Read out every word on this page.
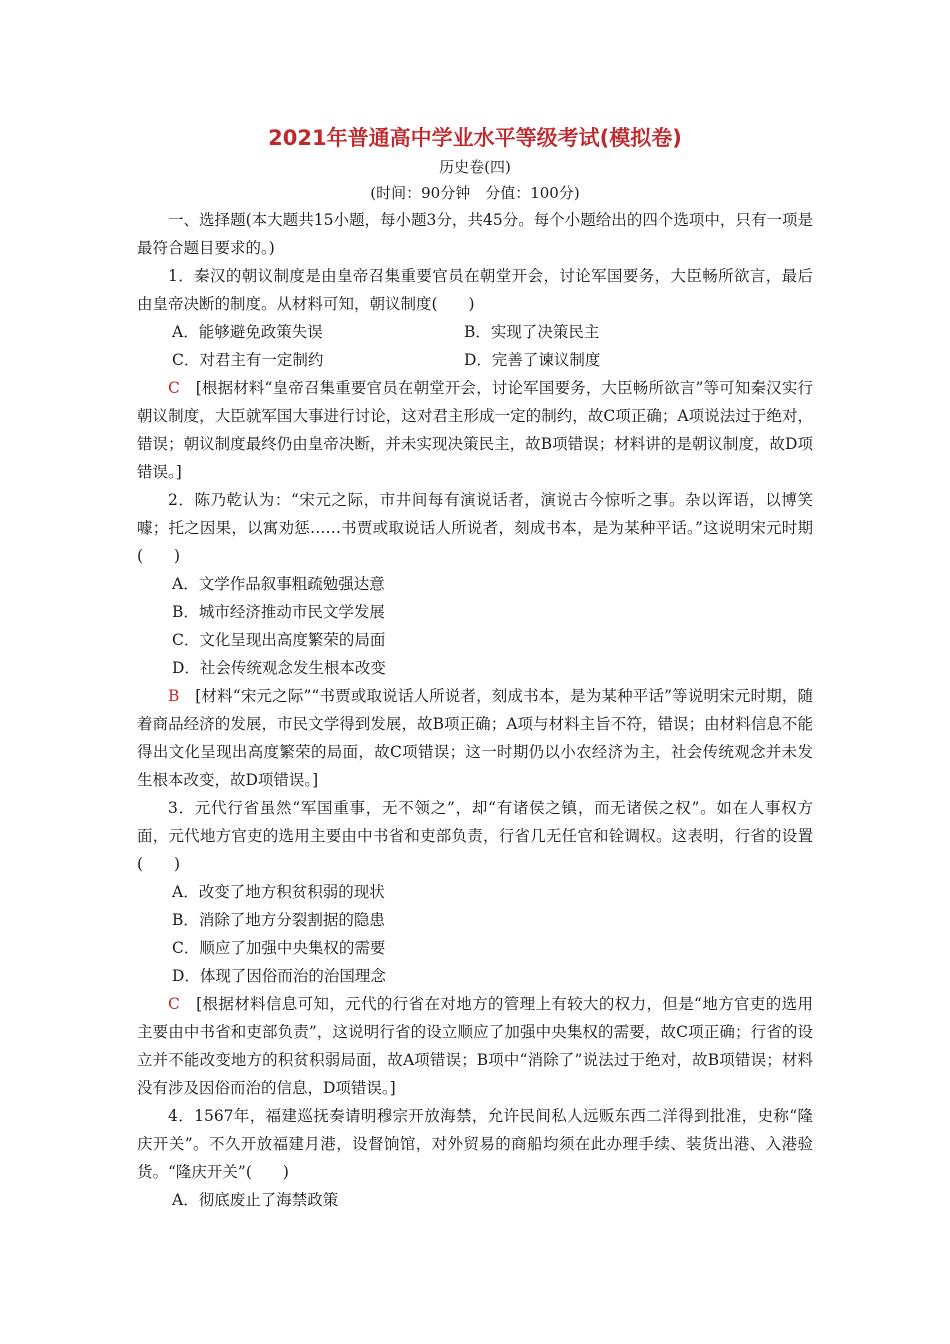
2021年普通高中学业水平等级考试(模拟卷)
历史卷(四)
(时间：90分钟　分值：100分)

一、选择题(本大题共15小题，每小题3分，共45分。每个小题给出的四个选项中，只有一项是最符合题目要求的。)

1．秦汉的朝议制度是由皇帝召集重要官员在朝堂开会，讨论军国要务，大臣畅所欲言，最后由皇帝决断的制度。从材料可知，朝议制度(　　)

A．能够避免政策失误	B．实现了决策民主
C．对君主有一定制约	D．完善了谏议制度

C　 [根据材料“皇帝召集重要官员在朝堂开会，讨论军国要务，大臣畅所欲言”等可知秦汉实行朝议制度，大臣就军国大事进行讨论，这对君主形成一定的制约，故C项正确；A项说法过于绝对，错误；朝议制度最终仍由皇帝决断，并未实现决策民主，故B项错误；材料讲的是朝议制度，故D项错误。]

2．陈乃乾认为：“宋元之际，市井间每有演说话者，演说古今惊听之事。杂以诨语，以博笑噱；托之因果，以寓劝惩……书贾或取说话人所说者，刻成书本，是为某种平话。”这说明宋元时期(　　)

A．文学作品叙事粗疏勉强达意
B．城市经济推动市民文学发展
C．文化呈现出高度繁荣的局面
D．社会传统观念发生根本改变

B　 [材料“宋元之际”“书贾或取说话人所说者，刻成书本，是为某种平话”等说明宋元时期，随着商品经济的发展，市民文学得到发展，故B项正确；A项与材料主旨不符，错误；由材料信息不能得出文化呈现出高度繁荣的局面，故C项错误；这一时期仍以小农经济为主，社会传统观念并未发生根本改变，故D项错误。]

3．元代行省虽然“军国重事，无不领之”，却“有诸侯之镇，而无诸侯之权”。如在人事权方面，元代地方官吏的选用主要由中书省和吏部负责，行省几无任官和铨调权。这表明，行省的设置(　　)

A．改变了地方积贫积弱的现状
B．消除了地方分裂割据的隐患
C．顺应了加强中央集权的需要
D．体现了因俗而治的治国理念

C　 [根据材料信息可知，元代的行省在对地方的管理上有较大的权力，但是“地方官吏的选用主要由中书省和吏部负责”，这说明行省的设立顺应了加强中央集权的需要，故C项正确；行省的设立并不能改变地方的积贫积弱局面，故A项错误；B项中“消除了”说法过于绝对，故B项错误；材料没有涉及因俗而治的信息，D项错误。]

4．1567年，福建巡抚奏请明穆宗开放海禁，允许民间私人远贩东西二洋得到批准，史称“隆庆开关”。不久开放福建月港，设督饷馆，对外贸易的商船均须在此办理手续、装货出港、入港验货。“隆庆开关”(　　)

A．彻底废止了海禁政策
